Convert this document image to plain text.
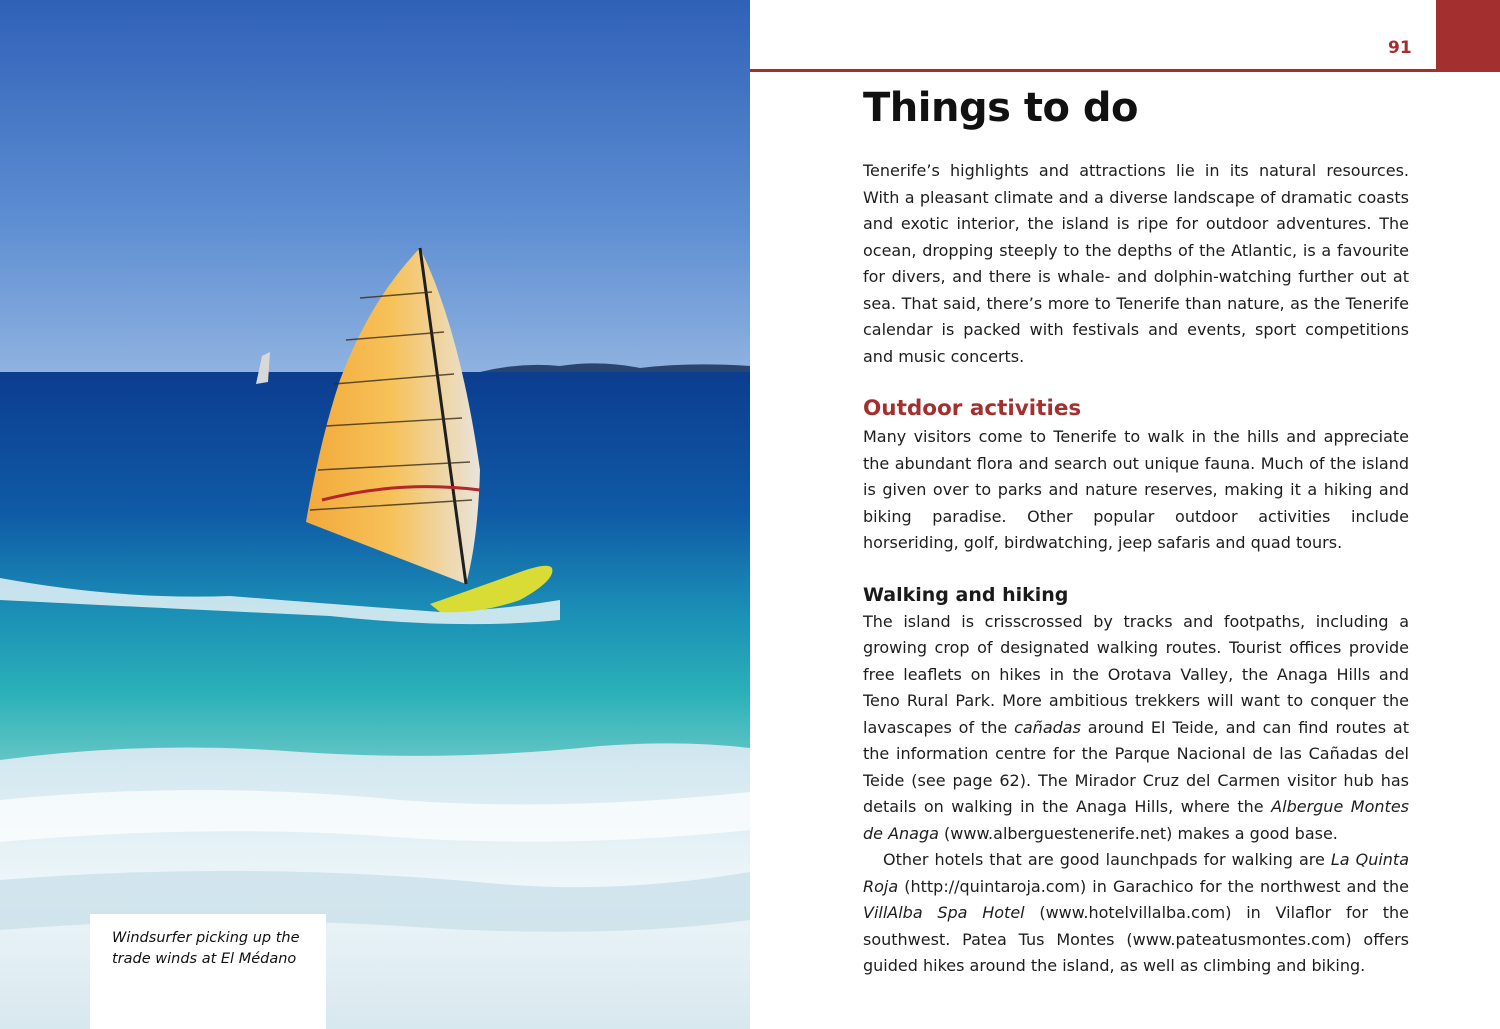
Windsurfer picking up the
trade winds at El Médano

91
Things to do

Tenerife’s highlights and attractions lie in its natural resources. With a pleasant climate and a diverse landscape of dramatic coasts and exotic interior, the island is ripe for outdoor adventures. The ocean, dropping steeply to the depths of the Atlantic, is a favourite for divers, and there is whale- and dolphin-watching further out at sea. That said, there’s more to Tenerife than nature, as the Tenerife calendar is packed with festivals and events, sport competitions and music concerts.

Outdoor activities

Many visitors come to Tenerife to walk in the hills and appreciate the abundant flora and search out unique fauna. Much of the island is given over to parks and nature reserves, making it a hiking and biking paradise. Other popular outdoor activities include horseriding, golf, birdwatching, jeep safaris and quad tours.

Walking and hiking

The island is crisscrossed by tracks and footpaths, including a growing crop of designated walking routes. Tourist offices provide free leaflets on hikes in the Orotava Valley, the Anaga Hills and Teno Rural Park. More ambitious trekkers will want to conquer the lavascapes of the cañadas around El Teide, and can find routes at the information centre for the Parque Nacional de las Cañadas del Teide (see page 62). The Mirador Cruz del Carmen visitor hub has details on walking in the Anaga Hills, where the Albergue Montes de Anaga (www.alberguestenerife.net) makes a good base.

Other hotels that are good launchpads for walking are La Quinta Roja (http://quintaroja.com) in Garachico for the northwest and the VillAlba Spa Hotel (www.hotelvillalba.com) in Vilaflor for the southwest. Patea Tus Montes (www.pateatusmontes.com) offers guided hikes around the island, as well as climbing and biking.
